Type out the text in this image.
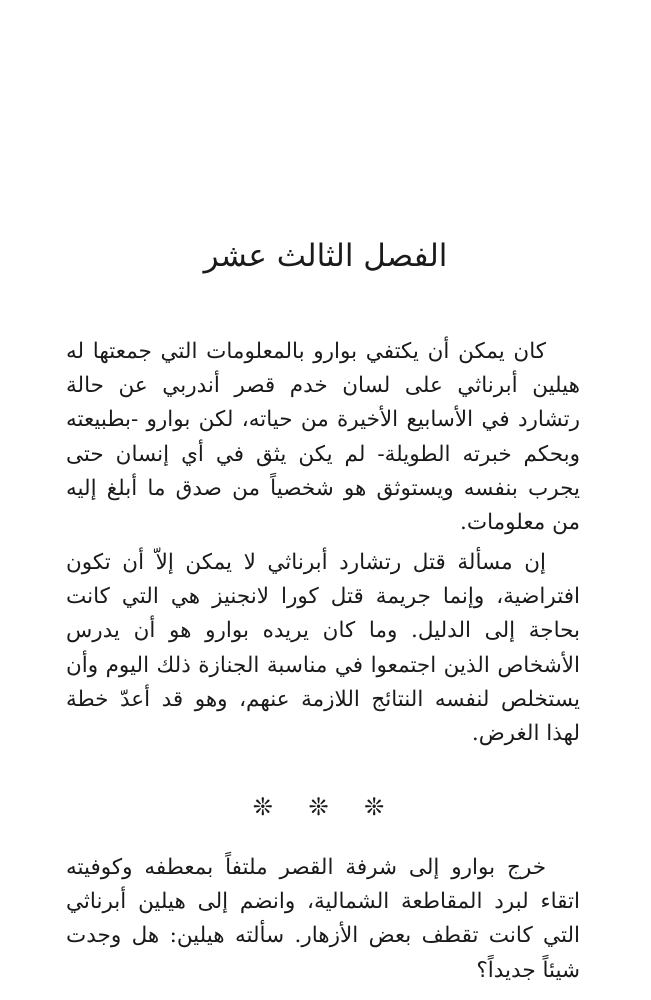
الفصل الثالث عشر

كان يمكن أن يكتفي بوارو بالمعلومات التي جمعتها له هيلين أبرناثي على لسان خدم قصر أندربي عن حالة رتشارد في الأسابيع الأخيرة من حياته، لكن بوارو -بطبيعته وبحكم خبرته الطويلة- لم يكن يثق في أي إنسان حتى يجرب بنفسه ويستوثق هو شخصياً من صدق ما أبلغ إليه من معلومات.

إن مسألة قتل رتشارد أبرناثي لا يمكن إلاّ أن تكون افتراضية، وإنما جريمة قتل كورا لانجنيز هي التي كانت بحاجة إلى الدليل. وما كان يريده بوارو هو أن يدرس الأشخاص الذين اجتمعوا في مناسبة الجنازة ذلك اليوم وأن يستخلص لنفسه النتائج اللازمة عنهم، وهو قد أعدّ خطة لهذا الغرض.

❊ ❊ ❊

خرج بوارو إلى شرفة القصر ملتفاً بمعطفه وكوفيته اتقاء لبرد المقاطعة الشمالية، وانضم إلى هيلين أبرناثي التي كانت تقطف بعض الأزهار. سألته هيلين: هل وجدت شيئاً جديداً؟
